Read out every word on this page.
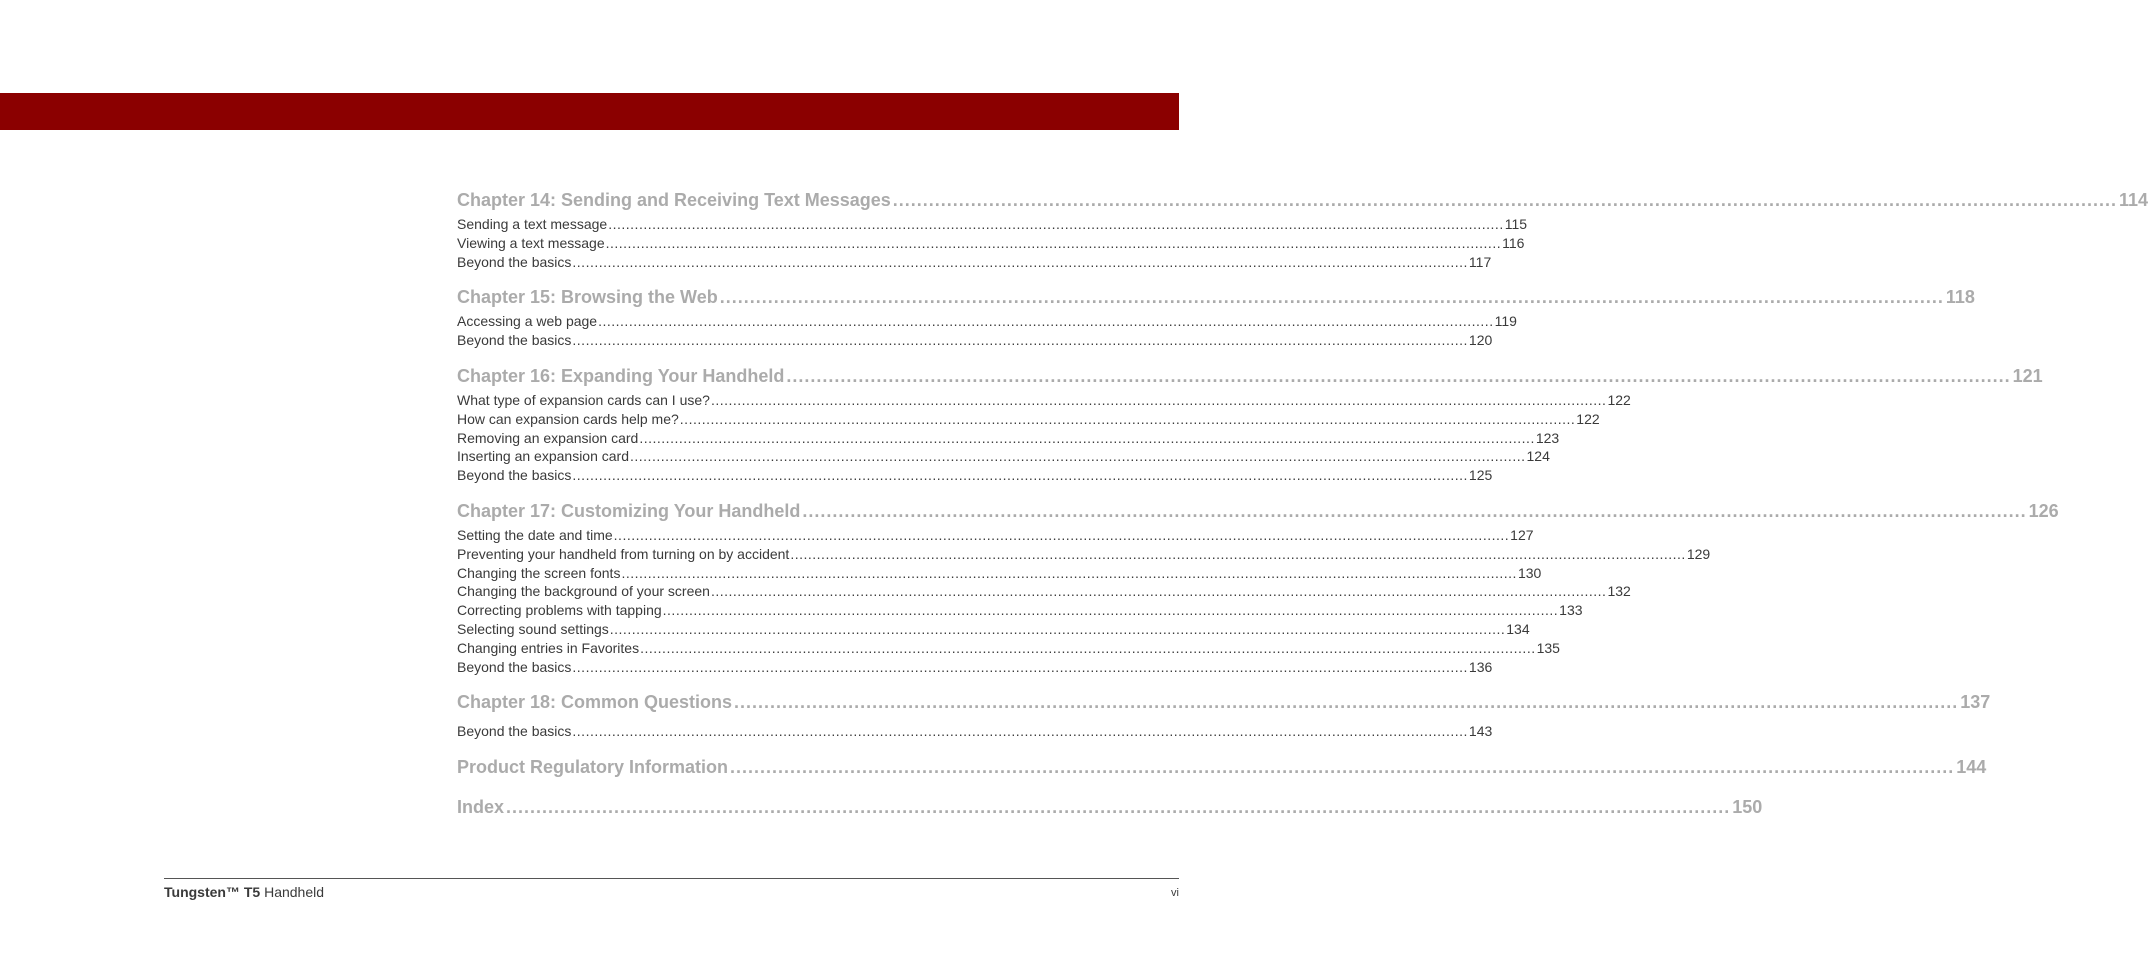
Chapter 14: Sending and Receiving Text Messages ............................................................................................................................................................................................................ 114
Sending a text message ............................................................................................................................................................................................................ 115
Viewing a text message ............................................................................................................................................................................................................ 116
Beyond the basics ............................................................................................................................................................................................................ 117
Chapter 15: Browsing the Web ............................................................................................................................................................................................................ 118
Accessing a web page ............................................................................................................................................................................................................ 119
Beyond the basics ............................................................................................................................................................................................................ 120
Chapter 16: Expanding Your Handheld ............................................................................................................................................................................................................ 121
What type of expansion cards can I use? ............................................................................................................................................................................................................ 122
How can expansion cards help me? ............................................................................................................................................................................................................ 122
Removing an expansion card ............................................................................................................................................................................................................ 123
Inserting an expansion card ............................................................................................................................................................................................................ 124
Beyond the basics ............................................................................................................................................................................................................ 125
Chapter 17: Customizing Your Handheld ............................................................................................................................................................................................................ 126
Setting the date and time ............................................................................................................................................................................................................ 127
Preventing your handheld from turning on by accident ............................................................................................................................................................................................................ 129
Changing the screen fonts ............................................................................................................................................................................................................ 130
Changing the background of your screen ............................................................................................................................................................................................................ 132
Correcting problems with tapping ............................................................................................................................................................................................................ 133
Selecting sound settings ............................................................................................................................................................................................................ 134
Changing entries in Favorites ............................................................................................................................................................................................................ 135
Beyond the basics ............................................................................................................................................................................................................ 136
Chapter 18: Common Questions ............................................................................................................................................................................................................ 137
Beyond the basics ............................................................................................................................................................................................................ 143
Product Regulatory Information ............................................................................................................................................................................................................ 144
Index ............................................................................................................................................................................................................ 150
Tungsten™ T5 Handheld	vi
